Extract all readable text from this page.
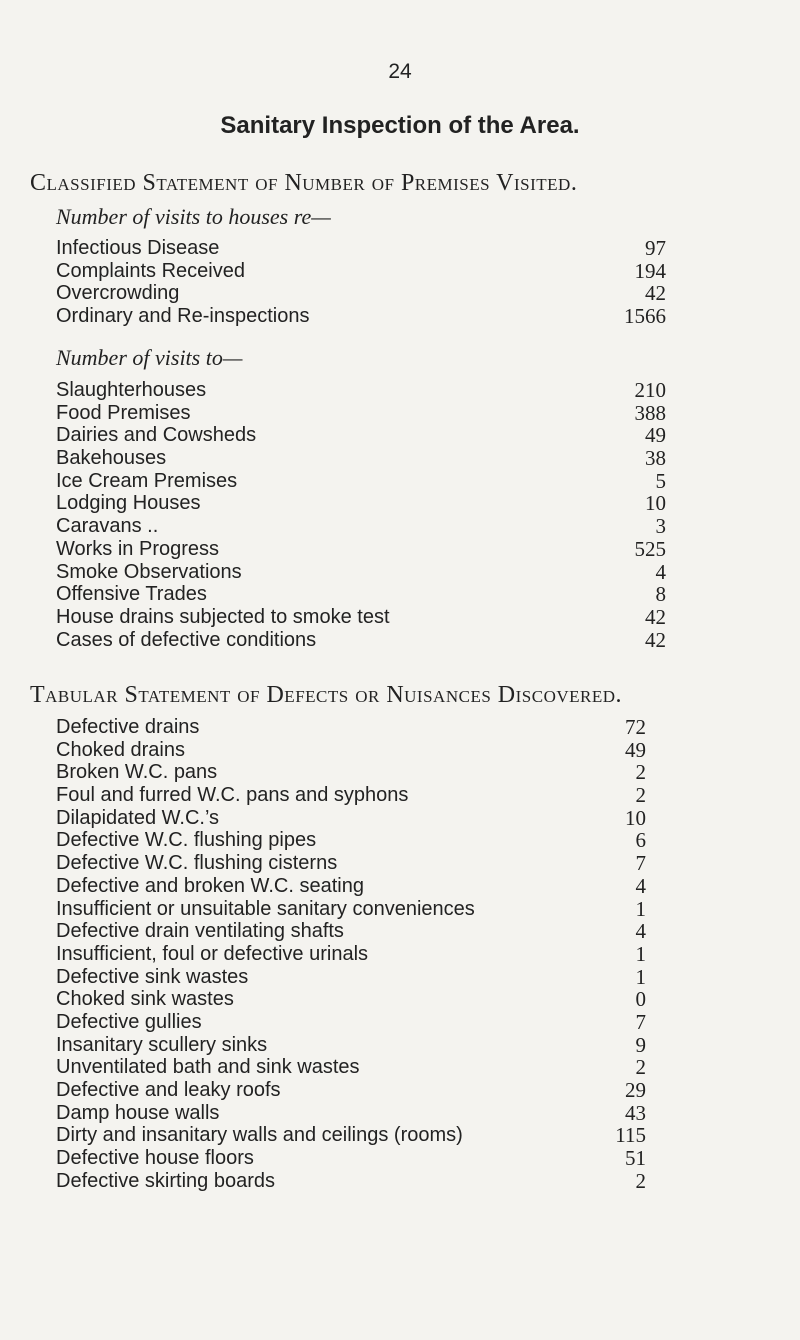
24
Sanitary Inspection of the Area.
Classified Statement of Number of Premises Visited.
Number of visits to houses re—
Infectious Disease	97
Complaints Received	194
Overcrowding	42
Ordinary and Re-inspections	1566
Number of visits to—
Slaughterhouses	210
Food Premises	388
Dairies and Cowsheds	49
Bakehouses	38
Ice Cream Premises	5
Lodging Houses	10
Caravans ..	3
Works in Progress	525
Smoke Observations	4
Offensive Trades	8
House drains subjected to smoke test	42
Cases of defective conditions	42
Tabular Statement of Defects or Nuisances Discovered.
Defective drains	72
Choked drains	49
Broken W.C. pans	2
Foul and furred W.C. pans and syphons	2
Dilapidated W.C.’s	10
Defective W.C. flushing pipes	6
Defective W.C. flushing cisterns	7
Defective and broken W.C. seating	4
Insufficient or unsuitable sanitary conveniences	1
Defective drain ventilating shafts	4
Insufficient, foul or defective urinals	1
Defective sink wastes	1
Choked sink wastes	0
Defective gullies	7
Insanitary scullery sinks	9
Unventilated bath and sink wastes	2
Defective and leaky roofs	29
Damp house walls	43
Dirty and insanitary walls and ceilings (rooms)	115
Defective house floors	51
Defective skirting boards	2
